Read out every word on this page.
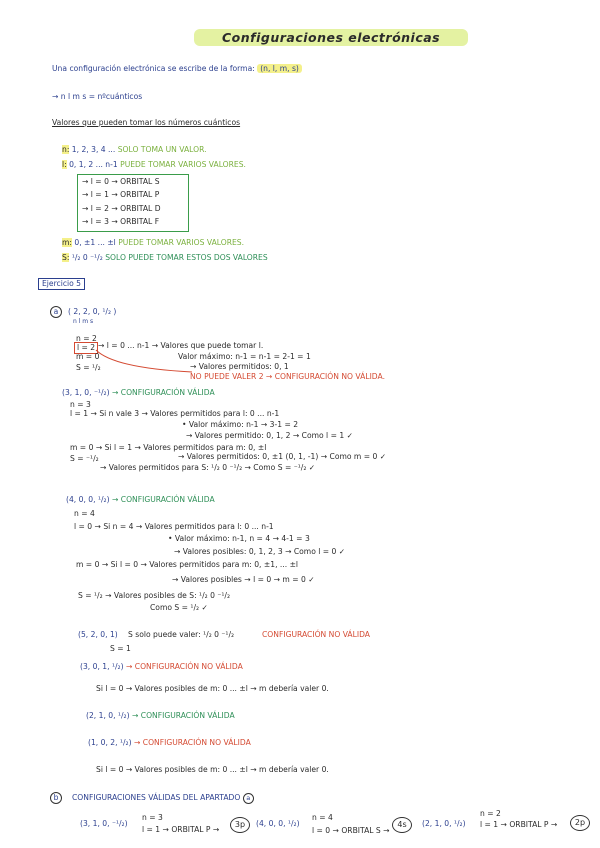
Configuraciones electrónicas
Una configuración electrónica se escribe de la forma: (n, l, m, s)
→ n l m s = nºcuánticos
Valores que pueden tomar los números cuánticos
n: 1, 2, 3, 4 ... SOLO TOMA UN VALOR.
l: 0, 1, 2 ... n-1 PUEDE TOMAR VARIOS VALORES.
→ l = 0 → ORBITAL S
→ l = 1 → ORBITAL P
→ l = 2 → ORBITAL D
→ l = 3 → ORBITAL F
m: 0, ±1 ... ±l PUEDE TOMAR VARIOS VALORES.
S: ¹/₂ 0 ⁻¹/₂ SOLO PUEDE TOMAR ESTOS DOS VALORES
Ejercicio 5
a	( 2, 2, 0, ¹/₂ )
n l m s
n = 2
l = 2
m = 0
S = ¹/₂
→ l = 0 ... n-1 → Valores que puede tomar l.
Valor máximo: n-1 = n-1 = 2-1 = 1
→ Valores permitidos: 0, 1
NO PUEDE VALER 2 → CONFIGURACIÓN NO VÁLIDA.
(3, 1, 0, ⁻¹/₂) → CONFIGURACIÓN VÁLIDA
n = 3
l = 1 → Si n vale 3 → Valores permitidos para l: 0 ... n-1
• Valor máximo: n-1 → 3-1 = 2
→ Valores permitido: 0, 1, 2 → Como l = 1 ✓
m = 0 → Si l = 1 → Valores permitidos para m: 0, ±l
→ Valores permitidos: 0, ±1 (0, 1, -1) → Como m = 0 ✓
S = ⁻¹/₂
→ Valores permitidos para S: ¹/₂ 0 ⁻¹/₂ → Como S = ⁻¹/₂ ✓
(4, 0, 0, ¹/₂) → CONFIGURACIÓN VÁLIDA
n = 4
l = 0 → Si n = 4 → Valores permitidos para l: 0 ... n-1
• Valor máximo: n-1, n = 4 → 4-1 = 3
→ Valores posibles: 0, 1, 2, 3 → Como l = 0 ✓
m = 0 → Si l = 0 → Valores permitidos para m: 0, ±1, ... ±l
→ Valores posibles → l = 0 → m = 0 ✓
S = ¹/₂ → Valores posibles de S: ¹/₂ 0 ⁻¹/₂
Como S = ¹/₂ ✓
(5, 2, 0, 1) S solo puede valer: ¹/₂ 0 ⁻¹/₂	CONFIGURACIÓN NO VÁLIDA
S = 1
(3, 0, 1, ¹/₂) → CONFIGURACIÓN NO VÁLIDA
Si l = 0 → Valores posibles de m: 0 ... ±l → m debería valer 0.
(2, 1, 0, ¹/₂) → CONFIGURACIÓN VÁLIDA
(1, 0, 2, ¹/₂) → CONFIGURACIÓN NO VÁLIDA
Si l = 0 → Valores posibles de m: 0 ... ±l → m debería valer 0.
b	CONFIGURACIONES VÁLIDAS DEL APARTADO a
(3, 1, 0, ⁻¹/₂)
n = 3
l = 1 → ORBITAL P →
3p	(4, 0, 0, ¹/₂)
n = 4
l = 0 → ORBITAL S →
4s	(2, 1, 0, ¹/₂)
n = 2
l = 1 → ORBITAL P →	2p
